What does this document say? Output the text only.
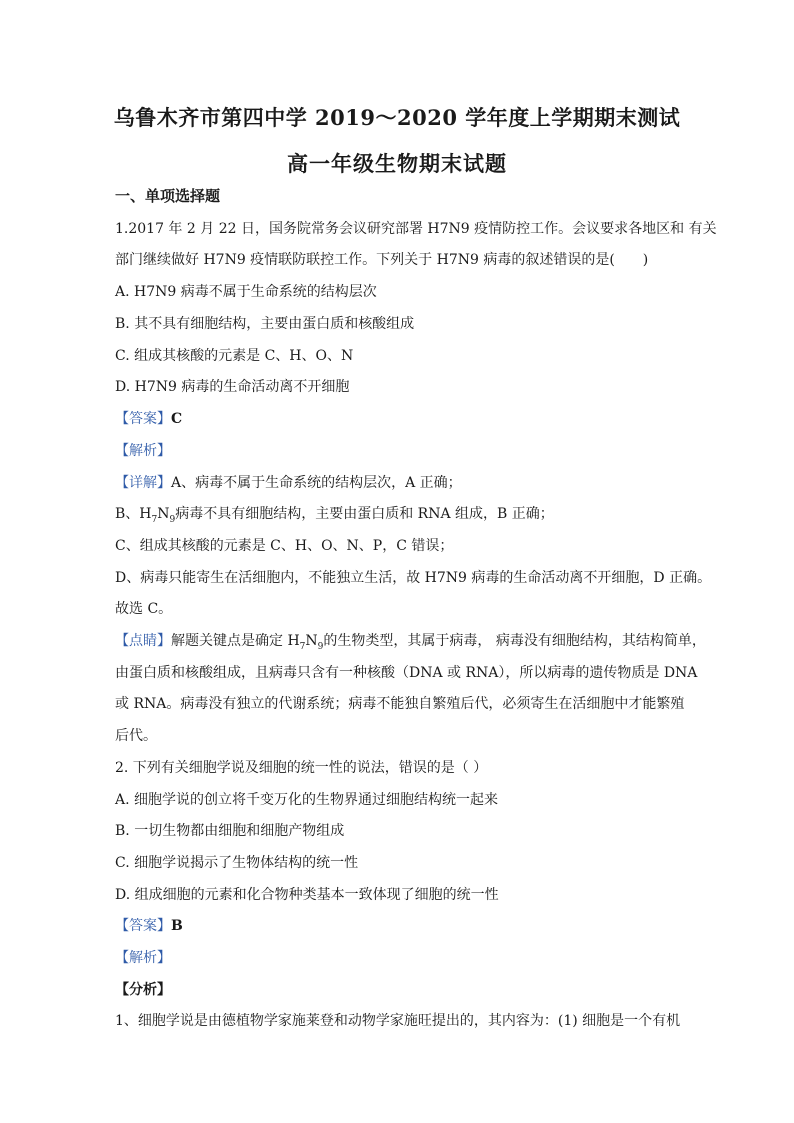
乌鲁木齐市第四中学 2019～2020 学年度上学期期末测试
高一年级生物期末试题
一、单项选择题
1.2017 年 2 月 22 日，国务院常务会议研究部署 H7N9 疫情防控工作。会议要求各地区和 有关
部门继续做好 H7N9 疫情联防联控工作。下列关于 H7N9 病毒的叙述错误的是(　　)
A. H7N9 病毒不属于生命系统的结构层次
B. 其不具有细胞结构，主要由蛋白质和核酸组成
C. 组成其核酸的元素是 C、H、O、N
D. H7N9 病毒的生命活动离不开细胞
【答案】C
【解析】
【详解】A、病毒不属于生命系统的结构层次，A 正确；
B、$H_7N_9$病毒不具有细胞结构，主要由蛋白质和 RNA 组成，B 正确；
C、组成其核酸的元素是 C、H、O、N、P，C 错误；
D、病毒只能寄生在活细胞内，不能独立生活，故 H7N9 病毒的生命活动离不开细胞，D 正确。
故选 C。
【点睛】解题关键点是确定 $H_7N_9$的生物类型，其属于病毒， 病毒没有细胞结构，其结构简单，
由蛋白质和核酸组成，且病毒只含有一种核酸（DNA 或 RNA），所以病毒的遗传物质是 DNA
或 RNA。病毒没有独立的代谢系统；病毒不能独自繁殖后代，必须寄生在活细胞中才能繁殖
后代。
2. 下列有关细胞学说及细胞的统一性的说法，错误的是（ ）
A. 细胞学说的创立将千变万化的生物界通过细胞结构统一起来
B. 一切生物都由细胞和细胞产物组成
C. 细胞学说揭示了生物体结构的统一性
D. 组成细胞的元素和化合物种类基本一致体现了细胞的统一性
【答案】B
【解析】
【分析】
1、细胞学说是由德植物学家施莱登和动物学家施旺提出的，其内容为：(1) 细胞是一个有机
